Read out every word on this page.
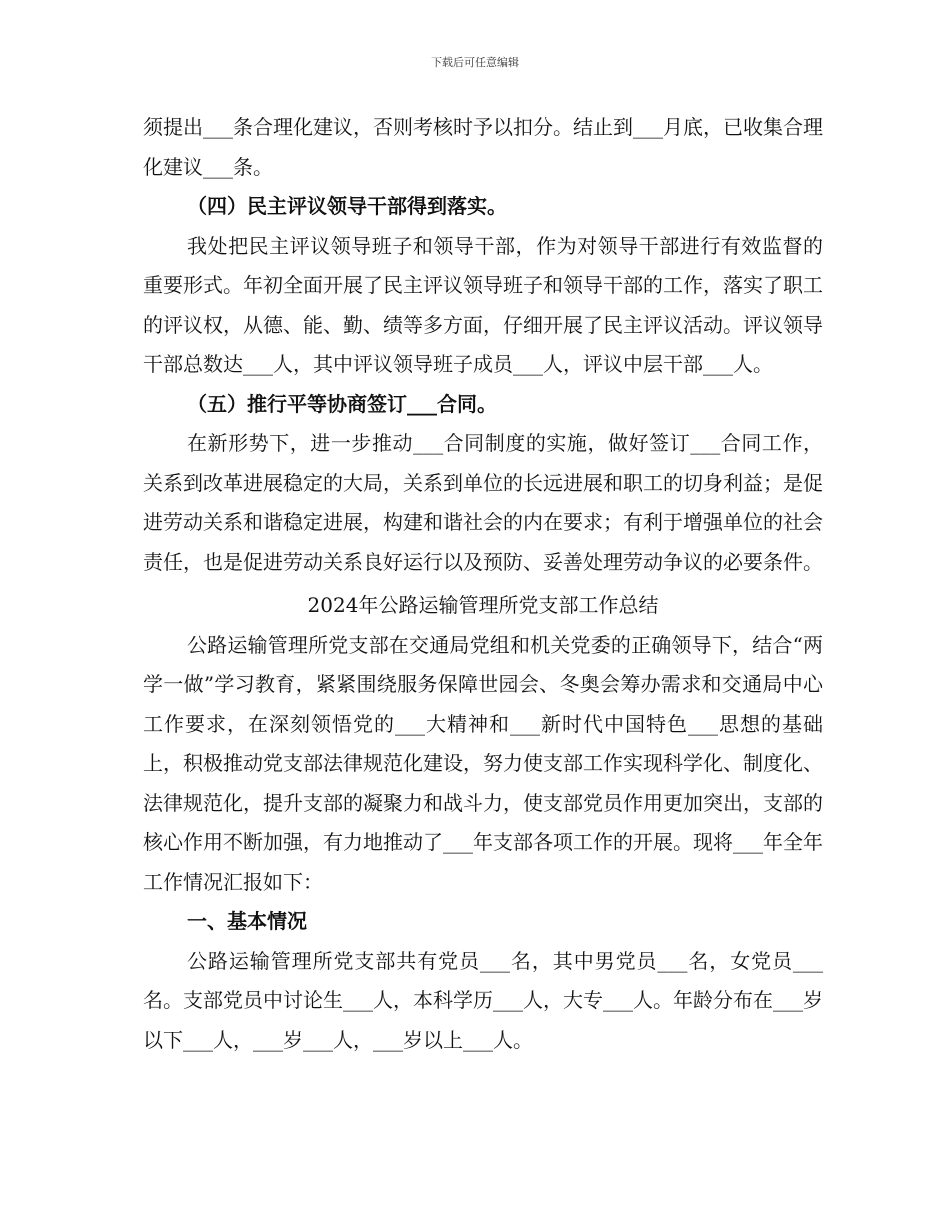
下载后可任意编辑

须提出___条合理化建议，否则考核时予以扣分。结止到___月底，已收集合理化建议___条。

（四）民主评议领导干部得到落实。

我处把民主评议领导班子和领导干部，作为对领导干部进行有效监督的重要形式。年初全面开展了民主评议领导班子和领导干部的工作，落实了职工的评议权，从德、能、勤、绩等多方面，仔细开展了民主评议活动。评议领导干部总数达___人，其中评议领导班子成员___人，评议中层干部___人。

（五）推行平等协商签订___合同。

在新形势下，进一步推动___合同制度的实施，做好签订___合同工作，关系到改革进展稳定的大局，关系到单位的长远进展和职工的切身利益；是促进劳动关系和谐稳定进展，构建和谐社会的内在要求；有利于增强单位的社会责任，也是促进劳动关系良好运行以及预防、妥善处理劳动争议的必要条件。

2024年公路运输管理所党支部工作总结

公路运输管理所党支部在交通局党组和机关党委的正确领导下，结合“两学一做”学习教育，紧紧围绕服务保障世园会、冬奥会筹办需求和交通局中心工作要求，在深刻领悟党的___大精神和___新时代中国特色___思想的基础上，积极推动党支部法律规范化建设，努力使支部工作实现科学化、制度化、法律规范化，提升支部的凝聚力和战斗力，使支部党员作用更加突出，支部的核心作用不断加强，有力地推动了___年支部各项工作的开展。现将___年全年工作情况汇报如下：

一、基本情况

公路运输管理所党支部共有党员___名，其中男党员___名，女党员___名。支部党员中讨论生___人，本科学历___人，大专___人。年龄分布在___岁以下___人，___岁___人，___岁以上___人。
